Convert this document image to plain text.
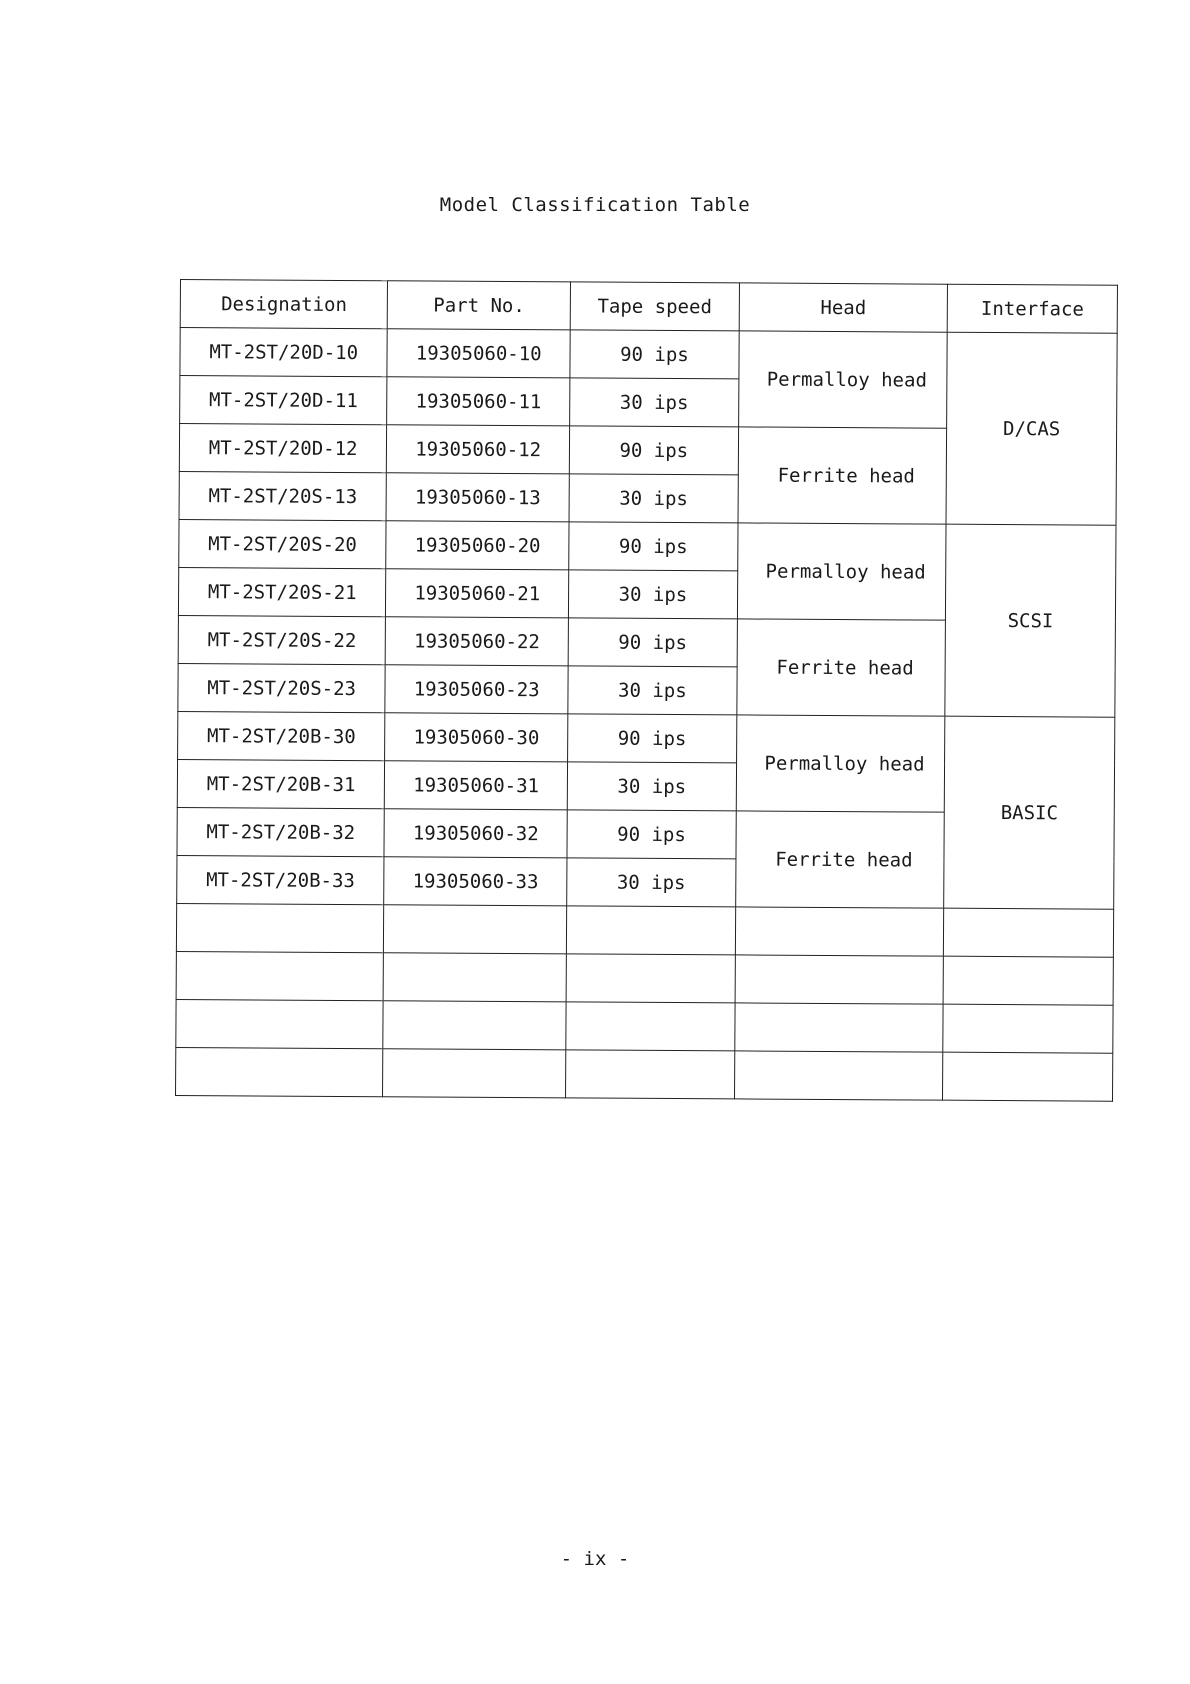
Model Classification Table
Designation	Part No.	Tape speed	Head	Interface
MT-2ST/20D-10	19305060-10	90 ips	Permalloy head	D/CAS
MT-2ST/20D-11	19305060-11	30 ips		
MT-2ST/20D-12	19305060-12	90 ips	Ferrite head	
MT-2ST/20S-13	19305060-13	30 ips		
MT-2ST/20S-20	19305060-20	90 ips	Permalloy head	SCSI
MT-2ST/20S-21	19305060-21	30 ips		
MT-2ST/20S-22	19305060-22	90 ips	Ferrite head	
MT-2ST/20S-23	19305060-23	30 ips		
MT-2ST/20B-30	19305060-30	90 ips	Permalloy head	BASIC
MT-2ST/20B-31	19305060-31	30 ips		
MT-2ST/20B-32	19305060-32	90 ips	Ferrite head	
MT-2ST/20B-33	19305060-33	30 ips		

- ix -
